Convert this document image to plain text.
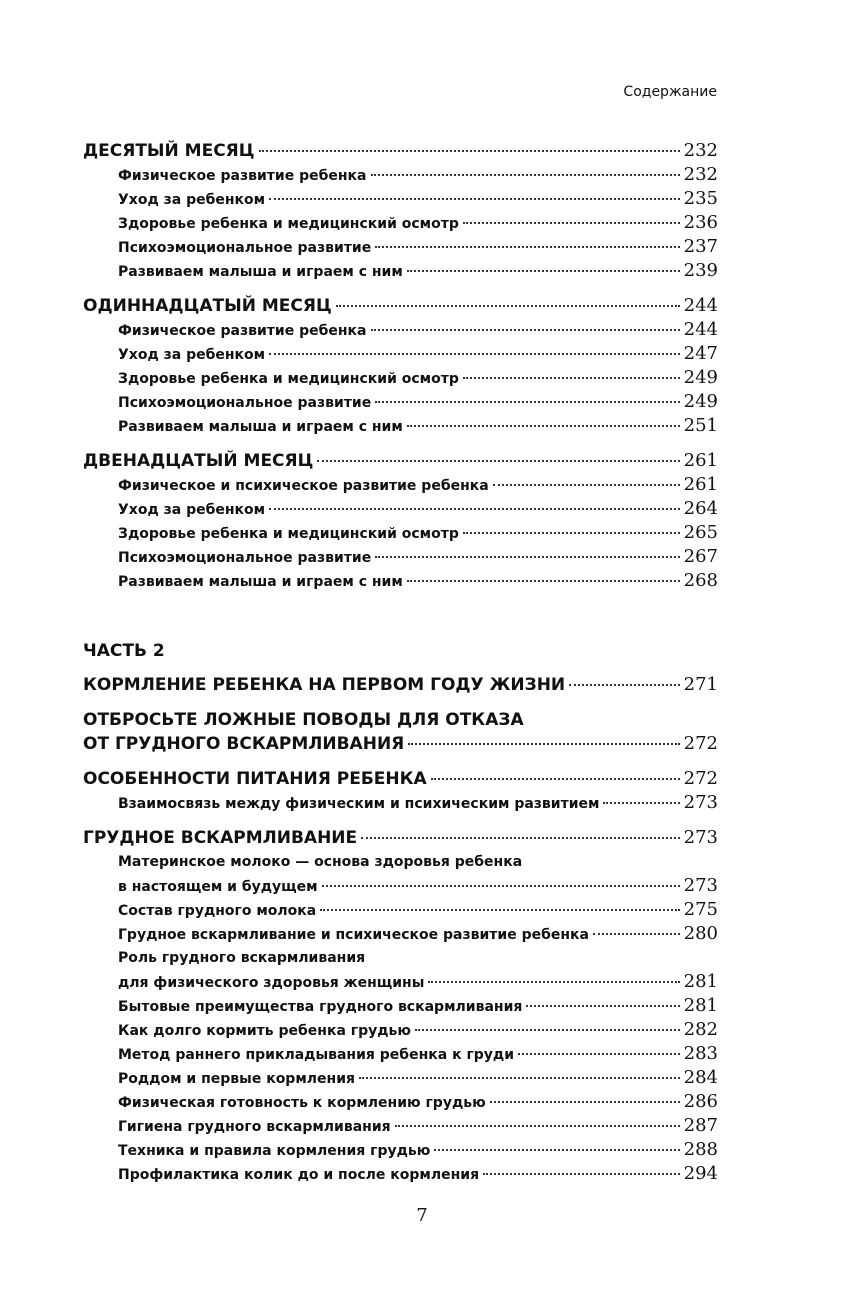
Содержание
ДЕСЯТЫЙ МЕСЯЦ	232
Физическое развитие ребенка	232
Уход за ребенком	235
Здоровье ребенка и медицинский осмотр	236
Психоэмоциональное развитие	237
Развиваем малыша и играем с ним	239
ОДИННАДЦАТЫЙ МЕСЯЦ	244
Физическое развитие ребенка	244
Уход за ребенком	247
Здоровье ребенка и медицинский осмотр	249
Психоэмоциональное развитие	249
Развиваем малыша и играем с ним	251
ДВЕНАДЦАТЫЙ МЕСЯЦ	261
Физическое и психическое развитие ребенка	261
Уход за ребенком	264
Здоровье ребенка и медицинский осмотр	265
Психоэмоциональное развитие	267
Развиваем малыша и играем с ним	268
ЧАСТЬ 2
КОРМЛЕНИЕ РЕБЕНКА НА ПЕРВОМ ГОДУ ЖИЗНИ	271
ОТБРОСЬТЕ ЛОЖНЫЕ ПОВОДЫ ДЛЯ ОТКАЗА
ОТ ГРУДНОГО ВСКАРМЛИВАНИЯ	272
ОСОБЕННОСТИ ПИТАНИЯ РЕБЕНКА	272
Взаимосвязь между физическим и психическим развитием	273
ГРУДНОЕ ВСКАРМЛИВАНИЕ	273
Материнское молоко — основа здоровья ребенка
в настоящем и будущем	273
Состав грудного молока	275
Грудное вскармливание и психическое развитие ребенка	280
Роль грудного вскармливания
для физического здоровья женщины	281
Бытовые преимущества грудного вскармливания	281
Как долго кормить ребенка грудью	282
Метод раннего прикладывания ребенка к груди	283
Роддом и первые кормления	284
Физическая готовность к кормлению грудью	286
Гигиена грудного вскармливания	287
Техника и правила кормления грудью	288
Профилактика колик до и после кормления	294
7
